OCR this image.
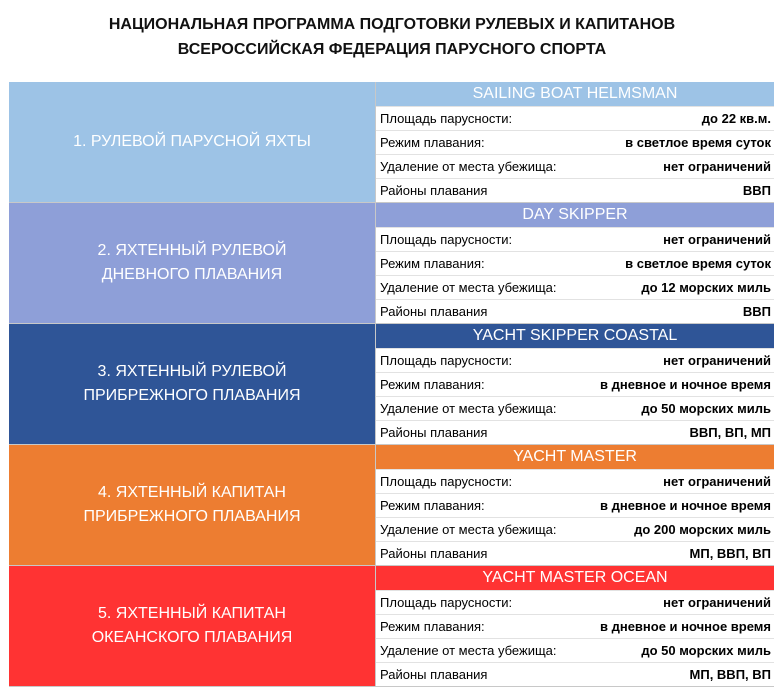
НАЦИОНАЛЬНАЯ ПРОГРАММА ПОДГОТОВКИ РУЛЕВЫХ И КАПИТАНОВ
ВСЕРОССИЙСКАЯ ФЕДЕРАЦИЯ ПАРУСНОГО СПОРТА
1. РУЛЕВОЙ ПАРУСНОЙ ЯХТЫ
SAILING BOAT HELMSMAN
Площадь парусности:	до 22 кв.м.
Режим плавания:	в светлое время суток
Удаление от места убежища:	нет ограничений
Районы плавания	ВВП
2. ЯХТЕННЫЙ РУЛЕВОЙ
ДНЕВНОГО ПЛАВАНИЯ
DAY SKIPPER
Площадь парусности:	нет ограничений
Режим плавания:	в светлое время суток
Удаление от места убежища:	до 12 морских миль
Районы плавания	ВВП
3. ЯХТЕННЫЙ РУЛЕВОЙ
ПРИБРЕЖНОГО ПЛАВАНИЯ
YACHT SKIPPER COASTAL
Площадь парусности:	нет ограничений
Режим плавания:	в дневное и ночное время
Удаление от места убежища:	до 50 морских миль
Районы плавания	ВВП, ВП, МП
4. ЯХТЕННЫЙ КАПИТАН
ПРИБРЕЖНОГО ПЛАВАНИЯ
YACHT MASTER
Площадь парусности:	нет ограничений
Режим плавания:	в дневное и ночное время
Удаление от места убежища:	до 200 морских миль
Районы плавания	МП, ВВП, ВП
5. ЯХТЕННЫЙ КАПИТАН
ОКЕАНСКОГО ПЛАВАНИЯ
YACHT MASTER OCEAN
Площадь парусности:	нет ограничений
Режим плавания:	в дневное и ночное время
Удаление от места убежища:	до 50 морских миль
Районы плавания	МП, ВВП, ВП
